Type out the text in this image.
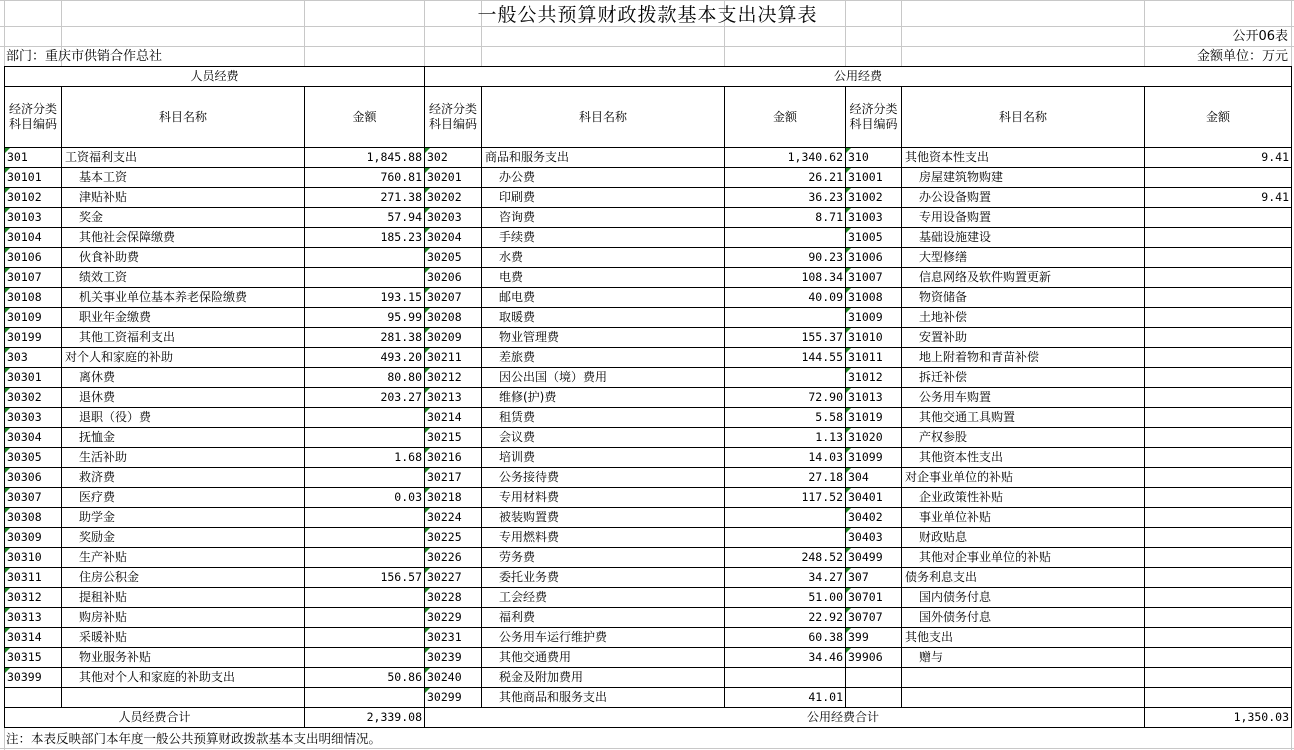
一般公共预算财政拨款基本支出决算表
公开06表
部门：重庆市供销合作总社	金额单位：万元
人员经费			公用经费					
经济分类科目编码	科目名称	金额	经济分类科目编码	科目名称	金额	经济分类科目编码	科目名称	金额
301	工资福利支出	1,845.88	302	商品和服务支出	1,340.62	310	其他资本性支出	9.41
30101	基本工资	760.81	30201	办公费	26.21	31001	房屋建筑物购建	
30102	津贴补贴	271.38	30202	印刷费	36.23	31002	办公设备购置	9.41
30103	奖金	57.94	30203	咨询费	8.71	31003	专用设备购置	
30104	其他社会保障缴费	185.23	30204	手续费		31005	基础设施建设	
30106	伙食补助费		30205	水费	90.23	31006	大型修缮	
30107	绩效工资		30206	电费	108.34	31007	信息网络及软件购置更新	
30108	机关事业单位基本养老保险缴费	193.15	30207	邮电费	40.09	31008	物资储备	
30109	职业年金缴费	95.99	30208	取暖费		31009	土地补偿	
30199	其他工资福利支出	281.38	30209	物业管理费	155.37	31010	安置补助	
303	对个人和家庭的补助	493.20	30211	差旅费	144.55	31011	地上附着物和青苗补偿	
30301	离休费	80.80	30212	因公出国（境）费用		31012	拆迁补偿	
30302	退休费	203.27	30213	维修(护)费	72.90	31013	公务用车购置	
30303	退职（役）费		30214	租赁费	5.58	31019	其他交通工具购置	
30304	抚恤金		30215	会议费	1.13	31020	产权参股	
30305	生活补助	1.68	30216	培训费	14.03	31099	其他资本性支出	
30306	救济费		30217	公务接待费	27.18	304	对企事业单位的补贴	
30307	医疗费	0.03	30218	专用材料费	117.52	30401	企业政策性补贴	
30308	助学金		30224	被装购置费		30402	事业单位补贴	
30309	奖励金		30225	专用燃料费		30403	财政贴息	
30310	生产补贴		30226	劳务费	248.52	30499	其他对企事业单位的补贴	
30311	住房公积金	156.57	30227	委托业务费	34.27	307	债务利息支出	
30312	提租补贴		30228	工会经费	51.00	30701	国内债务付息	
30313	购房补贴		30229	福利费	22.92	30707	国外债务付息	
30314	采暖补贴		30231	公务用车运行维护费	60.38	399	其他支出	
30315	物业服务补贴		30239	其他交通费用	34.46	39906	赠与	
30399	其他对个人和家庭的补助支出	50.86	30240	税金及附加费用				
			30299	其他商品和服务支出	41.01			
人员经费合计		2,339.08	公用经费合计					1,350.03
注：本表反映部门本年度一般公共预算财政拨款基本支出明细情况。
